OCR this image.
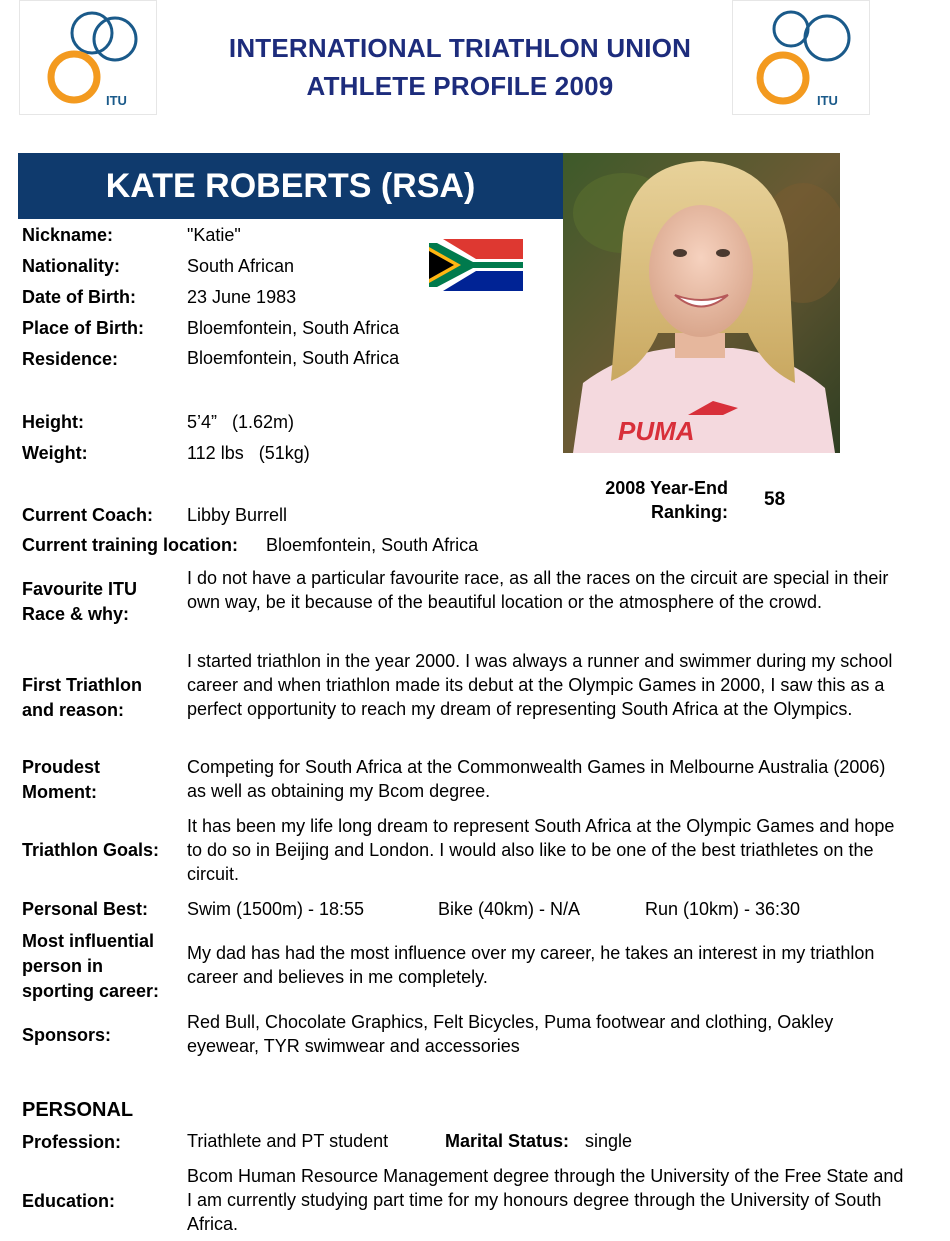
ITU	ITU
INTERNATIONAL TRIATHLON UNION
ATHLETE PROFILE 2009
KATE ROBERTS (RSA)
PUMA
Nickname:	"Katie"
Nationality:	South African
Date of Birth:	23 June 1983
Place of Birth: Bloemfontein, South Africa
Residence:	Bloemfontein, South Africa
Height:	5’4”   (1.62m)
Weight:	112 lbs   (51kg)
2008 Year-End
Ranking:
58
Current Coach: Libby Burrell
Current training location: Bloemfontein, South Africa
Favourite ITU
Race & why:
I do not have a particular favourite race, as all the races on the circuit are special in their own way, be it because of the beautiful location or the atmosphere of the crowd.
First Triathlon
and reason:
I started triathlon in the year 2000. I was always a runner and swimmer during my school career and when triathlon made its debut at the Olympic Games in 2000, I saw this as a perfect opportunity to reach my dream of representing South Africa at the Olympics.
Proudest
Moment:
Competing for South Africa at the Commonwealth Games in Melbourne Australia (2006) as well as obtaining my Bcom degree.
Triathlon Goals:
It has been my life long dream to represent South Africa at the Olympic Games and hope to do so in Beijing and London. I would also like to be one of the best triathletes on the circuit.
Personal Best: Swim (1500m) - 18:55	Bike (40km) - N/A	Run (10km) - 36:30
Most influential
person in
sporting career:
My dad has had the most influence over my career, he takes an interest in my triathlon career and believes in me completely.
Sponsors:
Red Bull, Chocolate Graphics, Felt Bicycles, Puma footwear and clothing, Oakley eyewear, TYR swimwear and accessories
PERSONAL
Profession:	Triathlete and PT student	Marital Status: single
Education:
Bcom Human Resource Management degree through the University of the Free State and I am currently studying part time for my honours degree through the University of South Africa.
